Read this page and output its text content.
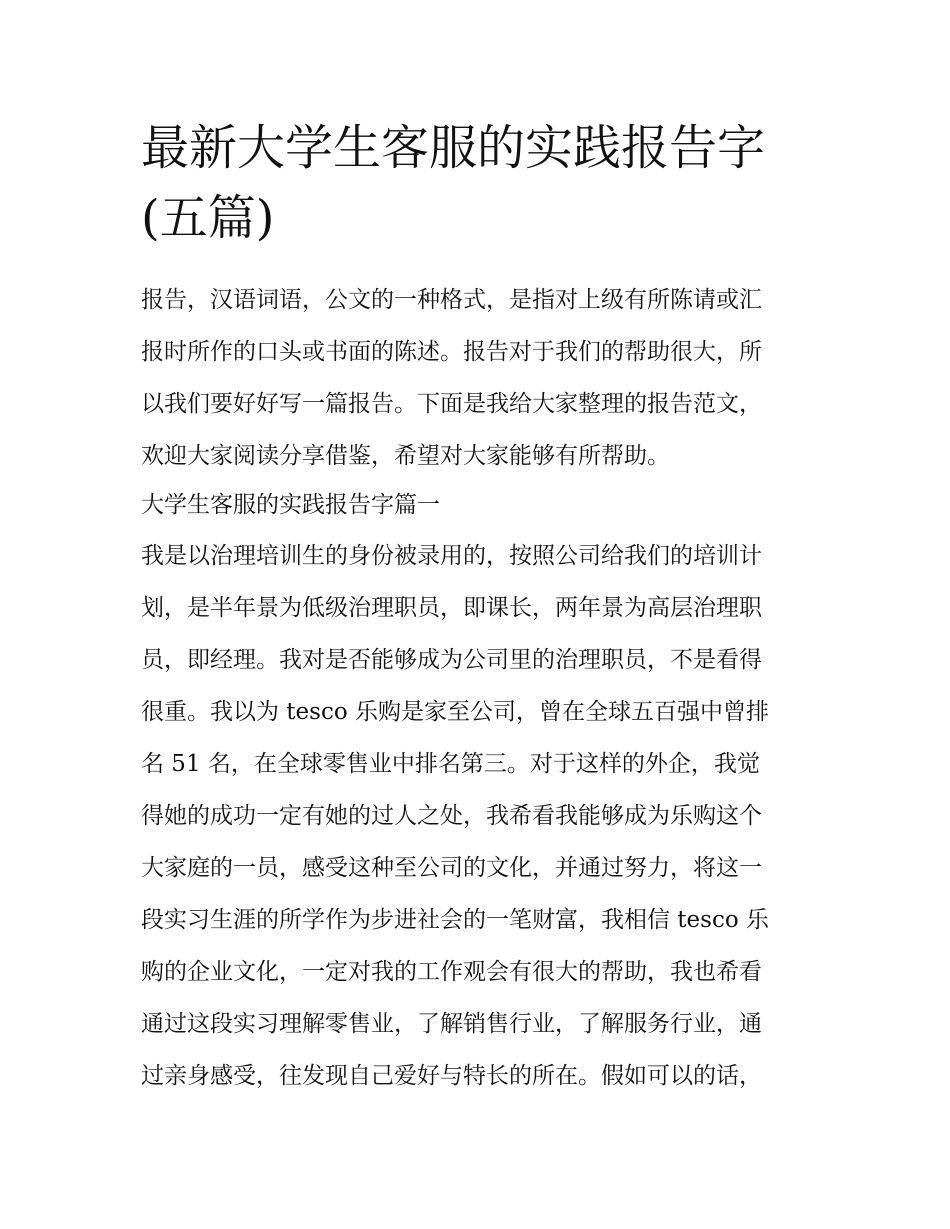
最新大学生客服的实践报告字
(五篇)
报告，汉语词语，公文的一种格式，是指对上级有所陈请或汇
报时所作的口头或书面的陈述。报告对于我们的帮助很大，所
以我们要好好写一篇报告。下面是我给大家整理的报告范文，
欢迎大家阅读分享借鉴，希望对大家能够有所帮助。
大学生客服的实践报告字篇一
我是以治理培训生的身份被录用的，按照公司给我们的培训计
划，是半年景为低级治理职员，即课长，两年景为高层治理职
员，即经理。我对是否能够成为公司里的治理职员，不是看得
很重。我以为 tesco 乐购是家至公司，曾在全球五百强中曾排
名 51 名，在全球零售业中排名第三。对于这样的外企，我觉
得她的成功一定有她的过人之处，我希看我能够成为乐购这个
大家庭的一员，感受这种至公司的文化，并通过努力，将这一
段实习生涯的所学作为步进社会的一笔财富，我相信 tesco 乐
购的企业文化，一定对我的工作观会有很大的帮助，我也希看
通过这段实习理解零售业，了解销售行业，了解服务行业，通
过亲身感受，往发现自己爱好与特长的所在。假如可以的话，
